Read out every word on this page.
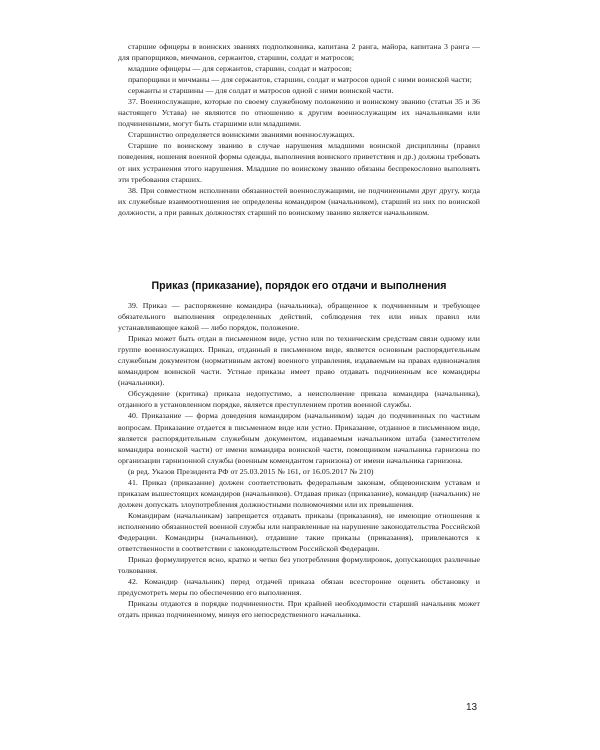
старшие офицеры в воинских званиях подполковника, капитана 2 ранга, майора, капитана 3 ранга — для прапорщиков, мичманов, сержантов, старшин, солдат и матросов;

младшие офицеры — для сержантов, старшин, солдат и матросов;

прапорщики и мичманы — для сержантов, старшин, солдат и матросов одной с ними воинской части;

сержанты и старшины — для солдат и матросов одной с ними воинской части.

37. Военнослужащие, которые по своему служебному положению и воинскому званию (статьи 35 и 36 настоящего Устава) не являются по отношению к другим военнослужащим их начальниками или подчиненными, могут быть старшими или младшими.

Старшинство определяется воинскими званиями военнослужащих.

Старшие по воинскому званию в случае нарушения младшими воинской дисциплины (правил поведения, ношения военной формы одежды, выполнения воинского приветствия и др.) должны требовать от них устранения этого нарушения. Младшие по воинскому званию обязаны беспрекословно выполнять эти требования старших.

38. При совместном исполнении обязанностей военнослужащими, не подчиненными друг другу, когда их служебные взаимоотношения не определены командиром (начальником), старший из них по воинской должности, а при равных должностях старший по воинскому званию является начальником.

Приказ (приказание), порядок его отдачи и выполнения

39. Приказ — распоряжение командира (начальника), обращенное к подчиненным и требующее обязательного выполнения определенных действий, соблюдения тех или иных правил или устанавливающее какой — либо порядок, положение.

Приказ может быть отдан в письменном виде, устно или по техническим средствам связи одному или группе военнослужащих. Приказ, отданный в письменном виде, является основным распорядительным служебным документом (нормативным актом) военного управления, издаваемым на правах единоначалия командиром воинской части. Устные приказы имеет право отдавать подчиненным все командиры (начальники).

Обсуждение (критика) приказа недопустимо, а неисполнение приказа командира (начальника), отданного в установленном порядке, является преступлением против военной службы.

40. Приказание — форма доведения командиром (начальником) задач до подчиненных по частным вопросам. Приказание отдается в письменном виде или устно. Приказание, отданное в письменном виде, является распорядительным служебным документом, издаваемым начальником штаба (заместителем командира воинской части) от имени командира воинской части, помощником начальника гарнизона по организации гарнизонной службы (военным комендантом гарнизона) от имени начальника гарнизона.

(в ред. Указов Президента РФ от 25.03.2015 № 161, от 16.05.2017 № 210)

41. Приказ (приказание) должен соответствовать федеральным законам, общевоинским уставам и приказам вышестоящих командиров (начальников). Отдавая приказ (приказание), командир (начальник) не должен допускать злоупотребления должностными полномочиями или их превышения.

Командирам (начальникам) запрещается отдавать приказы (приказания), не имеющие отношения к исполнению обязанностей военной службы или направленные на нарушение законодательства Российской Федерации. Командиры (начальники), отдавшие такие приказы (приказания), привлекаются к ответственности в соответствии с законодательством Российской Федерации.

Приказ формулируется ясно, кратко и четко без употребления формулировок, допускающих различные толкования.

42. Командир (начальник) перед отдачей приказа обязан всесторонне оценить обстановку и предусмотреть меры по обеспечению его выполнения.

Приказы отдаются в порядке подчиненности. При крайней необходимости старший начальник может отдать приказ подчиненному, минуя его непосредственного начальника.

13
